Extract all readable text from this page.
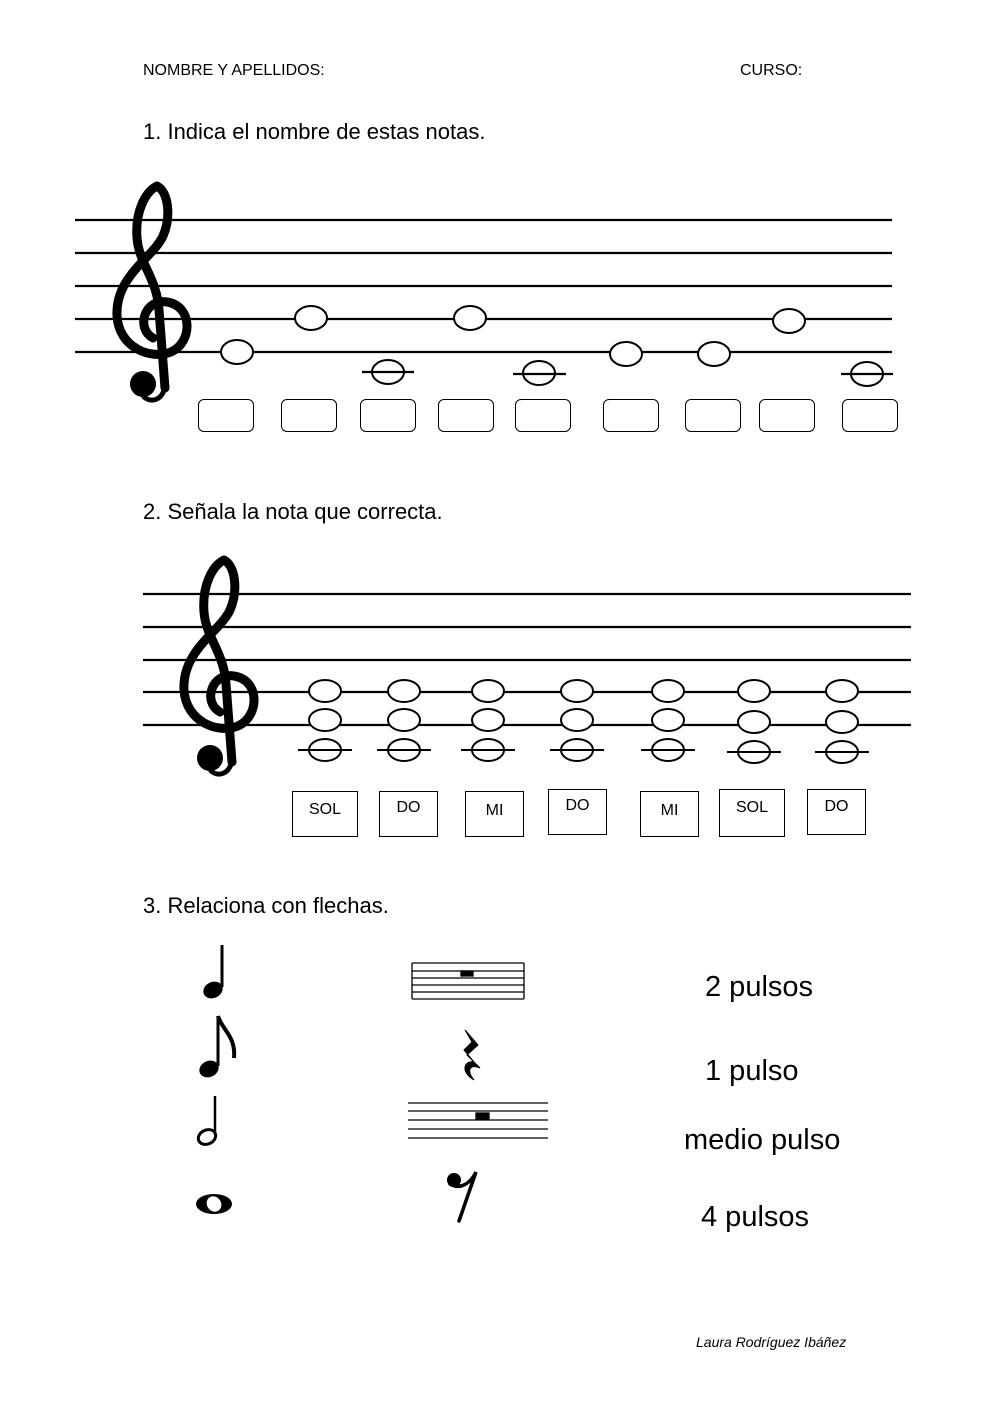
NOMBRE Y APELLIDOS:	CURSO:
1. Indica el nombre de estas notas.
2. Señala la nota que correcta.
SOL	DO	MI	DO	MI	SOL	DO
3. Relaciona con flechas.
2 pulsos
1 pulso
medio pulso
4 pulsos
Laura Rodríguez Ibáñez
